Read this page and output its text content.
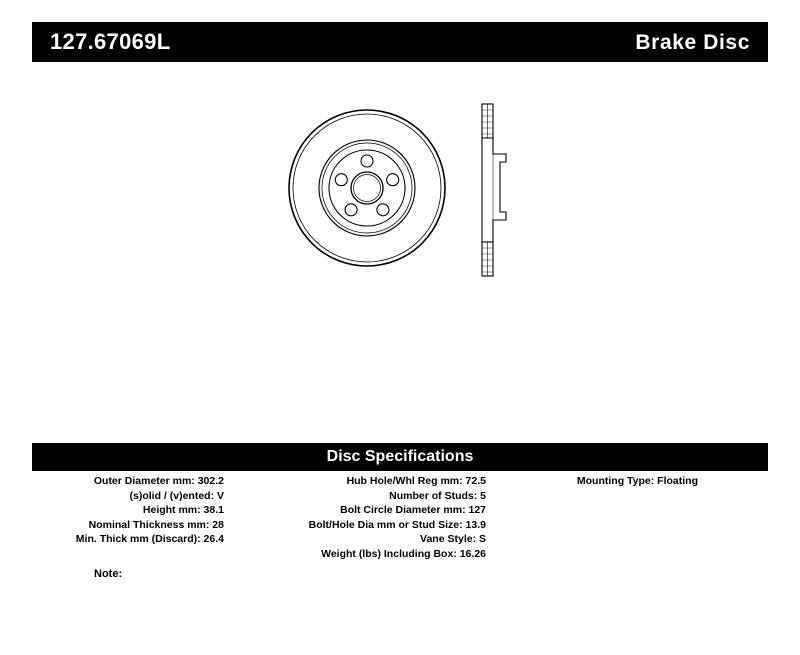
127.67069L	Brake Disc
Disc Specifications
Outer Diameter mm: 302.2
(s)olid / (v)ented: V
Height mm: 38.1
Nominal Thickness mm: 28
Min. Thick mm (Discard): 26.4
Hub Hole/Whl Reg mm: 72.5
Number of Studs: 5
Bolt Circle Diameter mm: 127
Bolt/Hole Dia mm or Stud Size: 13.9
Vane Style: S
Weight (lbs) Including Box: 16.26
Mounting Type: Floating
Note:
